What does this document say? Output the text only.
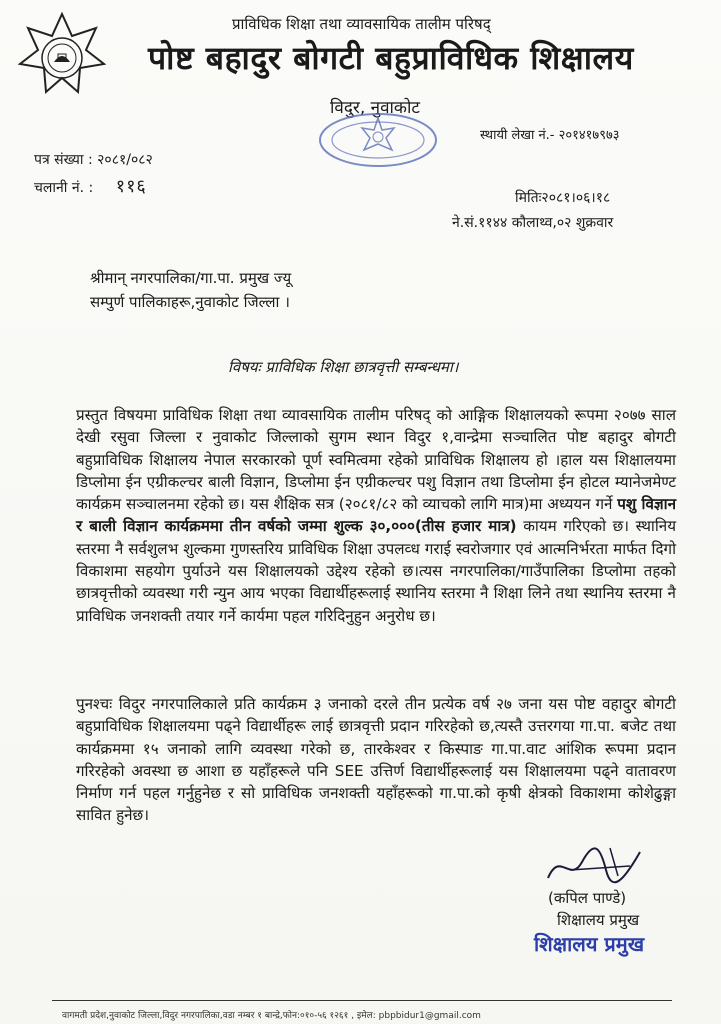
प्राविधिक शिक्षा तथा व्यावसायिक तालीम परिषद्
पोष्ट बहादुर बोगटी बहुप्राविधिक शिक्षालय
विदुर, नुवाकोट
स्थायी लेखा नं.- २०१४१७९७३
पत्र संख्या : २०८१/०८२
चलानी नं. : ११६
मितिः२०८१।०६।१८
ने.सं.११४४ कौलाथ्व,०२ शुक्रवार
श्रीमान् नगरपालिका/गा.पा. प्रमुख ज्यू
सम्पुर्ण पालिकाहरू,नुवाकोट जिल्ला ।
विषयः प्राविधिक शिक्षा छात्रवृत्ती सम्बन्धमा।
प्रस्तुत विषयमा प्राविधिक शिक्षा तथा व्यावसायिक तालीम परिषद् को आङ्गिक शिक्षालयको रूपमा २०७७ साल देखी रसुवा जिल्ला र नुवाकोट जिल्लाको सुगम स्थान विदुर १,वान्द्रेमा सञ्चालित पोष्ट बहादुर बोगटी बहुप्राविधिक शिक्षालय नेपाल सरकारको पूर्ण स्वमित्वमा रहेको प्राविधिक शिक्षालय हो ।हाल यस शिक्षालयमा डिप्लोमा ईन एग्रीकल्चर बाली विज्ञान, डिप्लोमा ईन एग्रीकल्चर पशु विज्ञान तथा डिप्लोमा ईन होटल म्यानेजमेण्ट कार्यक्रम सञ्चालनमा रहेको छ। यस शैक्षिक सत्र (२०८१/८२ को व्याचको लागि मात्र)मा अध्ययन गर्ने पशु विज्ञान र बाली विज्ञान कार्यक्रममा तीन वर्षको जम्मा शुल्क ३०,०००(तीस हजार मात्र) कायम गरिएको छ। स्थानिय स्तरमा नै सर्वशुलभ शुल्कमा गुणस्तरिय प्राविधिक शिक्षा उपलव्ध गराई स्वरोजगार एवं आत्मनिर्भरता मार्फत दिगो विकाशमा सहयोग पुर्याउने यस शिक्षालयको उद्देश्य रहेको छ।त्यस नगरपालिका/गाउँपालिका डिप्लोमा तहको छात्रवृत्तीको व्यवस्था गरी न्युन आय भएका विद्यार्थीहरूलाई स्थानिय स्तरमा नै शिक्षा लिने तथा स्थानिय स्तरमा नै प्राविधिक जनशक्ती तयार गर्ने कार्यमा पहल गरिदिनुहुन अनुरोध छ।
पुनश्चः विदुर नगरपालिकाले प्रति कार्यक्रम ३ जनाको दरले तीन प्रत्येक वर्ष २७ जना यस पोष्ट वहादुर बोगटी बहुप्राविधिक शिक्षालयमा पढ्ने विद्यार्थीहरू लाई छात्रवृत्ती प्रदान गरिरहेको छ,त्यस्तै उत्तरगया गा.पा. बजेट तथा कार्यक्रममा १५ जनाको लागि व्यवस्था गरेको छ, तारकेश्वर र किस्पाङ गा.पा.वाट आंशिक रूपमा प्रदान गरिरहेको अवस्था छ आशा छ यहाँहरूले पनि SEE उत्तिर्ण विद्यार्थीहरूलाई यस शिक्षालयमा पढ्ने वातावरण निर्माण गर्न पहल गर्नुहुनेछ र सो प्राविधिक जनशक्ती यहाँहरूको गा.पा.को कृषी क्षेत्रको विकाशमा कोशेढुङ्गा सावित हुनेछ।
(कपिल पाण्डे)
शिक्षालय प्रमुख
शिक्षालय प्रमुख
वागमती प्रदेश,नुवाकोट जिल्ला,विदुर नगरपालिका,वडा नम्बर १ बान्द्रे,फोन:०१०-५६ १२६१ , इमेल: pbpbidur1@gmail.com
